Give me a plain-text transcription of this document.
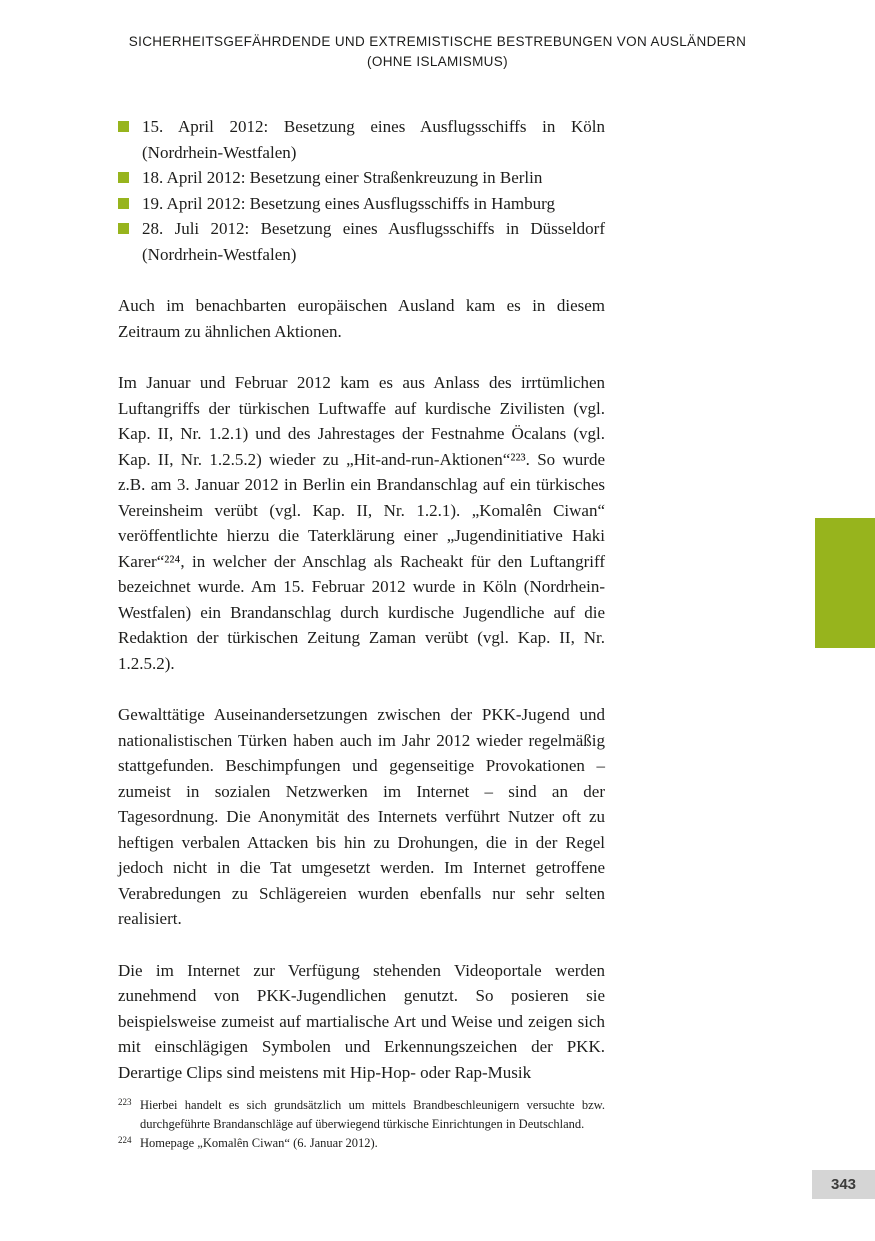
SICHERHEITSGEFÄHRDENDE UND EXTREMISTISCHE BESTREBUNGEN VON AUSLÄNDERN
(OHNE ISLAMISMUS)
15. April 2012: Besetzung eines Ausflugsschiffs in Köln (Nordrhein-Westfalen)
18. April 2012: Besetzung einer Straßenkreuzung in Berlin
19. April 2012: Besetzung eines Ausflugsschiffs in Hamburg
28. Juli 2012: Besetzung eines Ausflugsschiffs in Düsseldorf (Nordrhein-Westfalen)

Auch im benachbarten europäischen Ausland kam es in diesem Zeitraum zu ähnlichen Aktionen.

Im Januar und Februar 2012 kam es aus Anlass des irrtümlichen Luftangriffs der türkischen Luftwaffe auf kurdische Zivilisten (vgl. Kap. II, Nr. 1.2.1) und des Jahrestages der Festnahme Öcalans (vgl. Kap. II, Nr. 1.2.5.2) wieder zu „Hit-and-run-Aktionen“²²³. So wurde z.B. am 3. Januar 2012 in Berlin ein Brandanschlag auf ein türkisches Vereinsheim verübt (vgl. Kap. II, Nr. 1.2.1). „Komalên Ciwan“ veröffentlichte hierzu die Taterklärung einer „Jugendinitiative Haki Karer“²²⁴, in welcher der Anschlag als Racheakt für den Luftangriff bezeichnet wurde. Am 15. Februar 2012 wurde in Köln (Nordrhein-Westfalen) ein Brandanschlag durch kurdische Jugendliche auf die Redaktion der türkischen Zeitung Zaman verübt (vgl. Kap. II, Nr. 1.2.5.2).

Gewalttätige Auseinandersetzungen zwischen der PKK-Jugend und nationalistischen Türken haben auch im Jahr 2012 wieder regelmäßig stattgefunden. Beschimpfungen und gegenseitige Provokationen – zumeist in sozialen Netzwerken im Internet – sind an der Tagesordnung. Die Anonymität des Internets verführt Nutzer oft zu heftigen verbalen Attacken bis hin zu Drohungen, die in der Regel jedoch nicht in die Tat umgesetzt werden. Im Internet getroffene Verabredungen zu Schlägereien wurden ebenfalls nur sehr selten realisiert.

Die im Internet zur Verfügung stehenden Videoportale werden zunehmend von PKK-Jugendlichen genutzt. So posieren sie beispielsweise zumeist auf martialische Art und Weise und zeigen sich mit einschlägigen Symbolen und Erkennungszeichen der PKK. Derartige Clips sind meistens mit Hip-Hop- oder Rap-Musik

223 Hierbei handelt es sich grundsätzlich um mittels Brandbeschleunigern versuchte bzw. durchgeführte Brandanschläge auf überwiegend türkische Einrichtungen in Deutschland.
224 Homepage „Komalên Ciwan“ (6. Januar 2012).
343
